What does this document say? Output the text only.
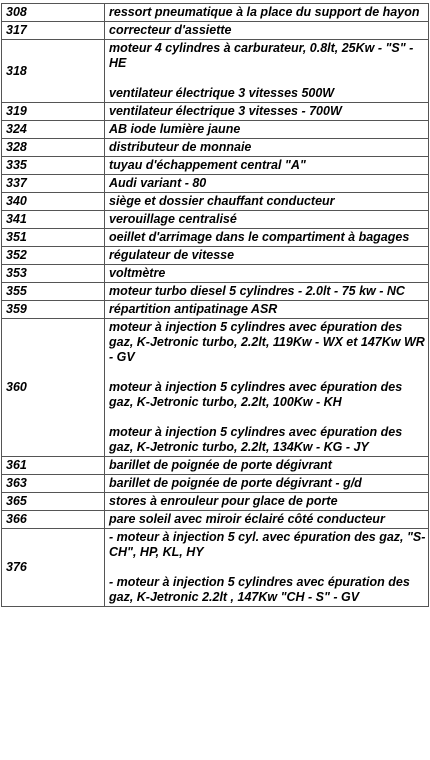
308	ressort pneumatique à la place du support de hayon

317	correcteur d'assiette

318	moteur 4 cylindres à carburateur, 0.8lt, 25Kw - "S" - HE
ventilateur électrique 3 vitesses 500W

319	ventilateur électrique 3 vitesses - 700W

324	AB iode lumière jaune

328	distributeur de monnaie

335	tuyau d'échappement central "A"

337	Audi variant - 80

340	siège et dossier chauffant conducteur

341	verouillage centralisé

351	oeillet d'arrimage dans le compartiment à bagages

352	régulateur de vitesse

353	voltmètre

355	moteur turbo diesel 5 cylindres - 2.0lt - 75 kw - NC

359	répartition antipatinage ASR

360	moteur à injection 5 cylindres avec épuration des gaz, K-Jetronic turbo, 2.2lt, 119Kw - WX et 147Kw WR - GV
moteur à injection 5 cylindres avec épuration des gaz, K-Jetronic turbo, 2.2lt, 100Kw - KH
moteur à injection 5 cylindres avec épuration des gaz, K-Jetronic turbo, 2.2lt, 134Kw - KG - JY

361	barillet de poignée de porte dégivrant

363	barillet de poignée de porte dégivrant - g/d

365	stores à enrouleur pour glace de porte

366	pare soleil avec miroir éclairé côté conducteur

376	- moteur à injection 5 cyl. avec épuration des gaz, "S-CH", HP, KL, HY
- moteur à injection 5 cylindres avec épuration des gaz, K-Jetronic 2.2lt , 147Kw "CH - S" - GV
